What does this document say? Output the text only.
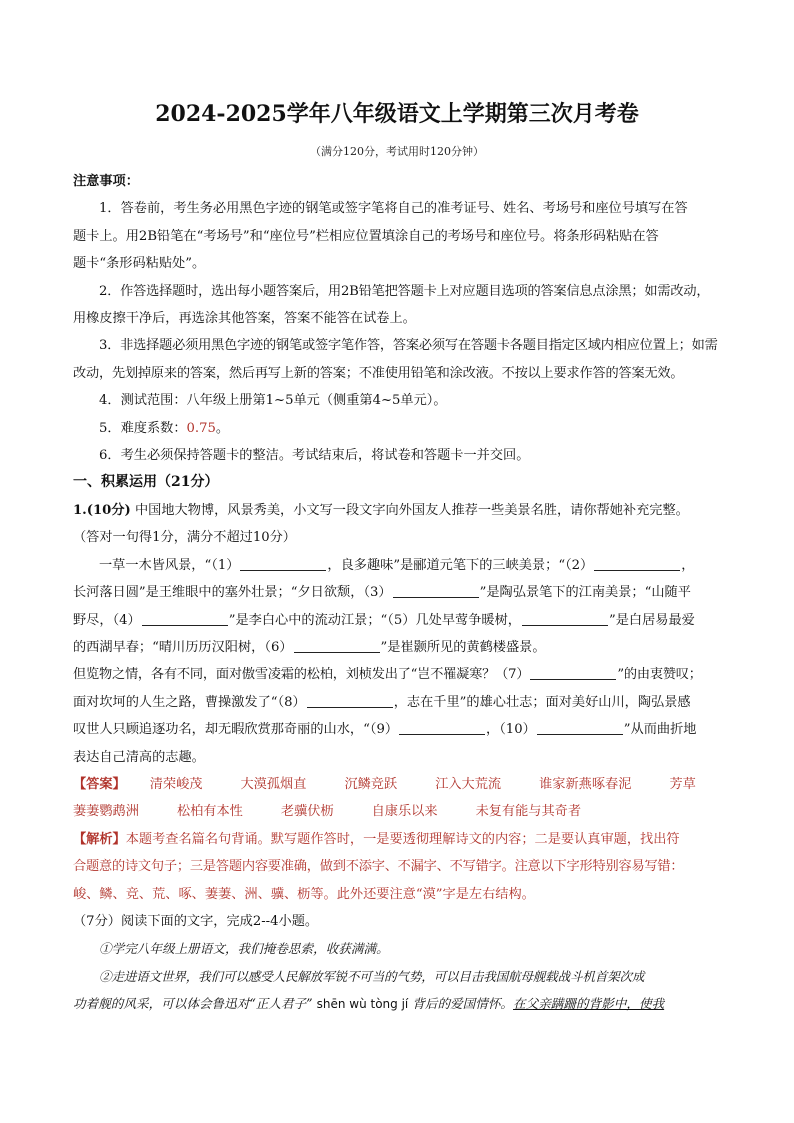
2024-2025学年八年级语文上学期第三次月考卷
（满分120分，考试用时120分钟）
注意事项：
1．答卷前，考生务必用黑色字迹的钢笔或签字笔将自己的准考证号、姓名、考场号和座位号填写在答
题卡上。用2B铅笔在“考场号”和“座位号”栏相应位置填涂自己的考场号和座位号。将条形码粘贴在答
题卡“条形码粘贴处”。
2．作答选择题时，选出每小题答案后，用2B铅笔把答题卡上对应题目选项的答案信息点涂黑；如需改动，
用橡皮擦干净后，再选涂其他答案，答案不能答在试卷上。
3．非选择题必须用黑色字迹的钢笔或签字笔作答，答案必须写在答题卡各题目指定区域内相应位置上；如需
改动，先划掉原来的答案，然后再写上新的答案；不准使用铅笔和涂改液。不按以上要求作答的答案无效。
4．测试范围：八年级上册第1~5单元（侧重第4~5单元）。
5．难度系数：0.75。
6．考生必须保持答题卡的整洁。考试结束后，将试卷和答题卡一并交回。
一、积累运用（21分）
1.(10分) 中国地大物博，风景秀美，小文写一段文字向外国友人推荐一些美景名胜，请你帮她补充完整。
（答对一句得1分，满分不超过10分）
一草一木皆风景，“（1）	，良多趣味”是郦道元笔下的三峡美景；“（2）	，
长河落日圆”是王维眼中的塞外壮景；“夕日欲颓，（3）	”是陶弘景笔下的江南美景；“山随平
野尽，（4）	”是李白心中的流动江景；“（5）几处早莺争暖树，	”是白居易最爱
的西湖早春；“晴川历历汉阳树，（6）	”是崔颢所见的黄鹤楼盛景。
但览物之情，各有不同，面对傲雪凌霜的松柏，刘桢发出了“岂不罹凝寒？（7）	”的由衷赞叹；
面对坎坷的人生之路，曹操激发了“（8）	，志在千里”的雄心壮志；面对美好山川，陶弘景感
叹世人只顾追逐功名，却无暇欣赏那奇丽的山水，“（9）	，（10）	”从而曲折地
表达自己清高的志趣。
【答案】 清荣峻茂	大漠孤烟直	沉鳞竞跃	江入大荒流	谁家新燕啄春泥	芳草
萋萋鹦鹉洲	松柏有本性	老骥伏枥	自康乐以来	未复有能与其奇者
【解析】本题考查名篇名句背诵。默写题作答时，一是要透彻理解诗文的内容；二是要认真审题，找出符
合题意的诗文句子；三是答题内容要准确，做到不添字、不漏字、不写错字。注意以下字形特别容易写错：
峻、鳞、竞、荒、啄、萋萋、洲、骥、枥等。此外还要注意“漠”字是左右结构。
（7分）阅读下面的文字，完成2--4小题。
①学完八年级上册语文，我们掩卷思索，收获满满。
②走进语文世界，我们可以感受人民解放军锐不可当的气势，可以目击我国航母舰载战斗机首架次成
功着舰的风采，可以体会鲁迅对“正人君子” shēn wù tòng jí 背后的爱国情怀。在父亲蹒跚的背影中，使我
